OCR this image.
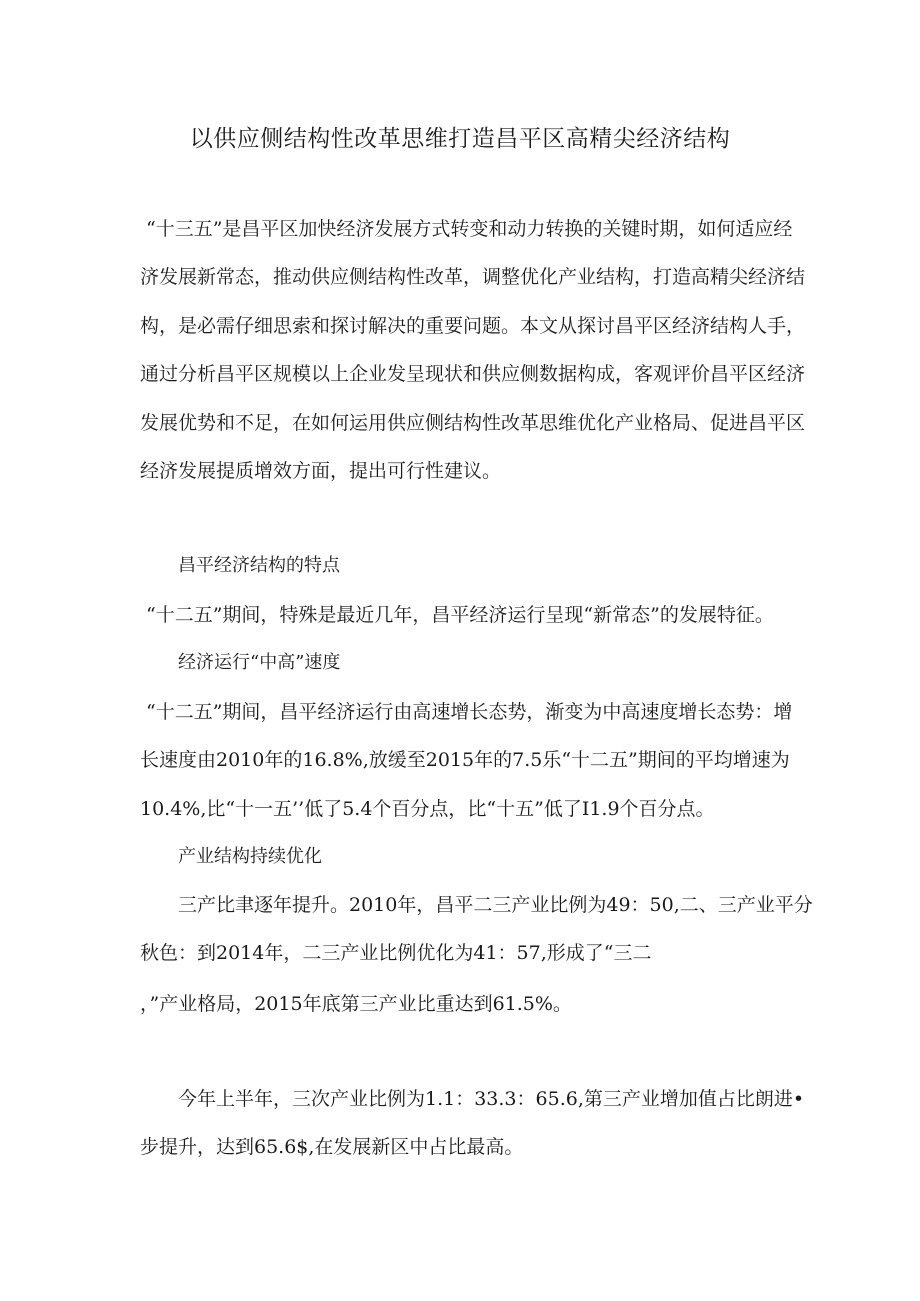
以供应侧结构性改革思维打造昌平区高精尖经济结构
“十三五”是昌平区加快经济发展方式转变和动力转换的关键时期，如何适应经
济发展新常态，推动供应侧结构性改革，调整优化产业结构，打造高精尖经济结
构，是必需仔细思索和探讨解决的重要问题。本文从探讨昌平区经济结构人手，
通过分析昌平区规模以上企业发呈现状和供应侧数据构成，客观评价昌平区经济
发展优势和不足，在如何运用供应侧结构性改革思维优化产业格局、促进昌平区
经济发展提质增效方面，提出可行性建议。
昌平经济结构的特点
“十二五”期间，特殊是最近几年，昌平经济运行呈现“新常态”的发展特征。
经济运行“中高”速度
“十二五”期间，昌平经济运行由高速增长态势，渐变为中高速度增长态势：增
长速度由2010年的16.8%,放缓至2015年的7.5乐“十二五”期间的平均增速为
10.4%,比“十一五’’低了5.4个百分点，比“十五”低了I1.9个百分点。
产业结构持续优化
三产比聿逐年提升。2010年，昌平二三产业比例为49：50,二、三产业平分
秋色：到2014年，二三产业比例优化为41：57,形成了“三二
，”产业格局，2015年底第三产业比重达到61.5%。
今年上半年，三次产业比例为1.1：33.3：65.6,第三产业增加值占比朗进•
步提升，达到65.6$,在发展新区中占比最高。
